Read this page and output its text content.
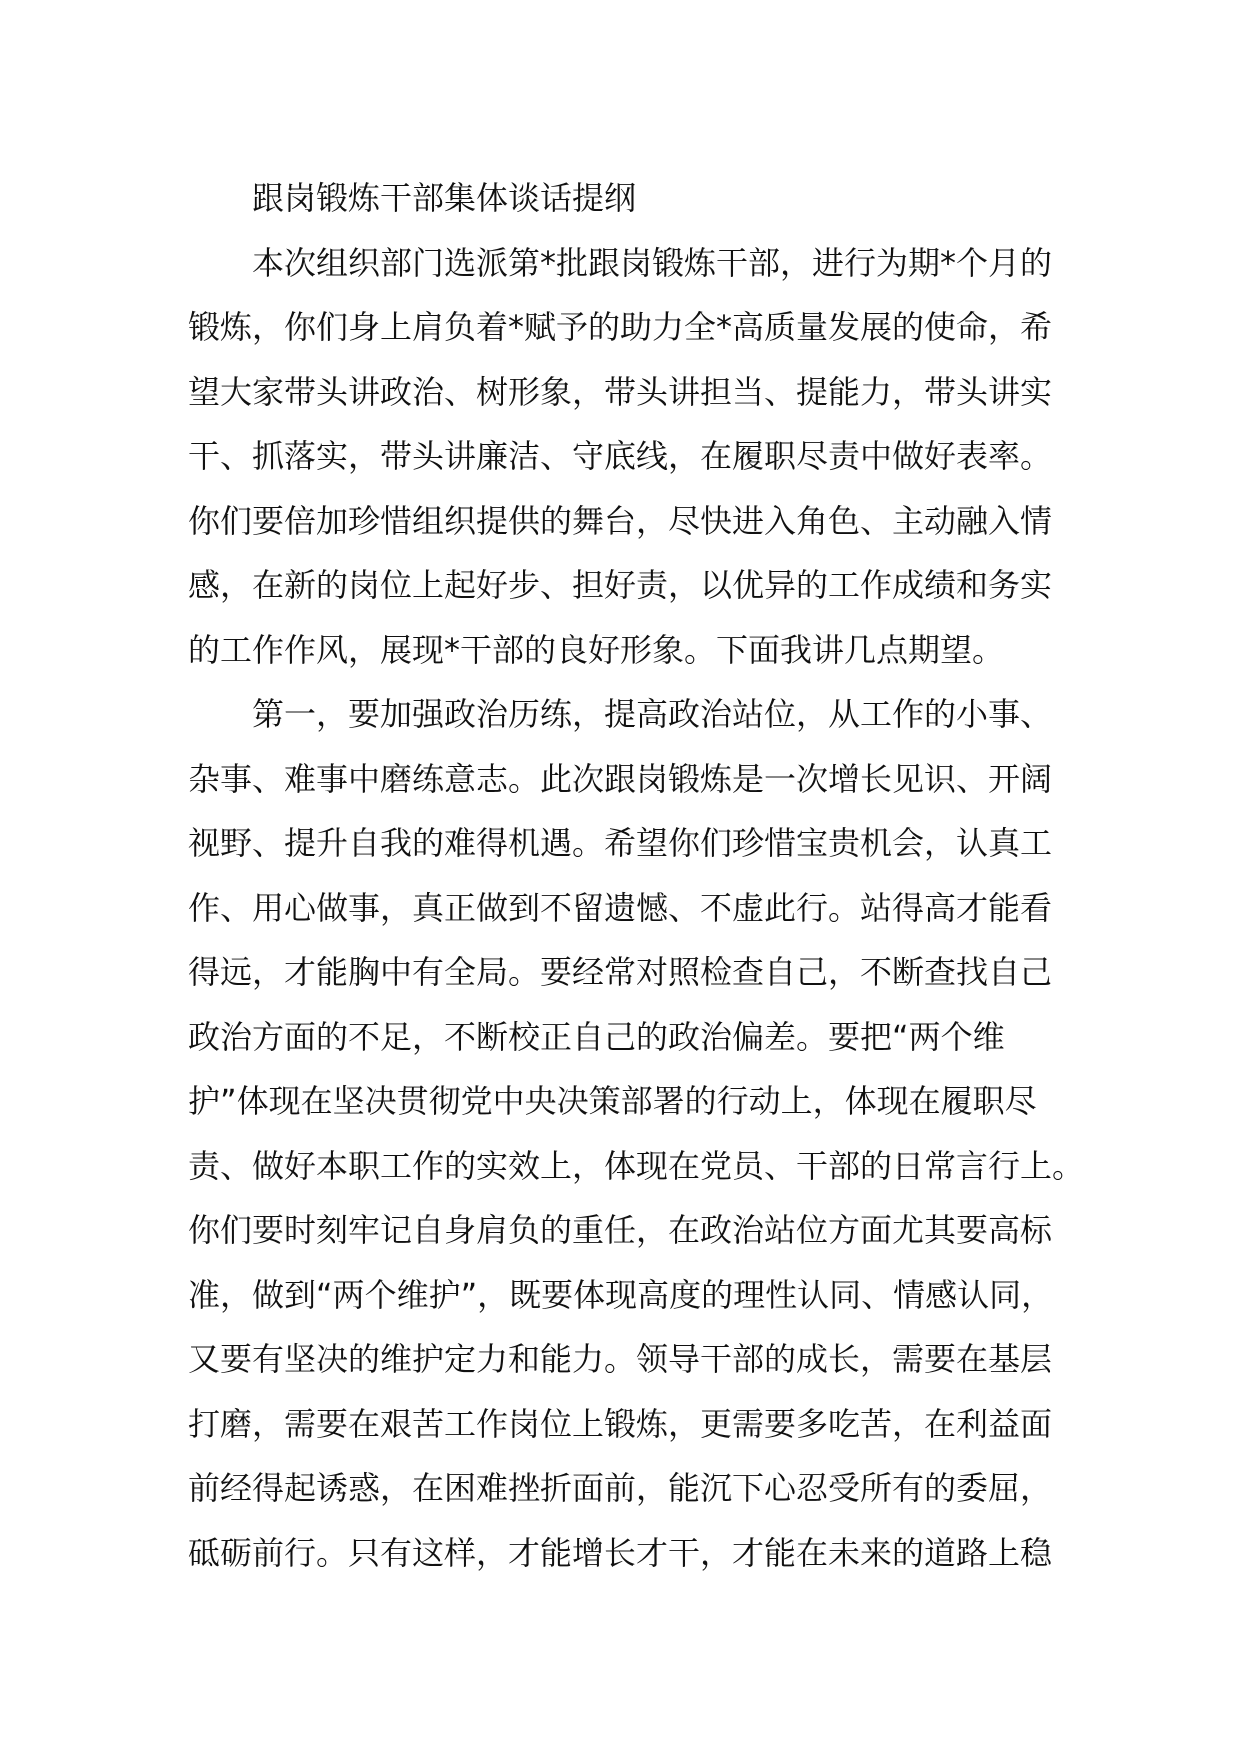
跟岗锻炼干部集体谈话提纲
本次组织部门选派第*批跟岗锻炼干部，进行为期*个月的
锻炼，你们身上肩负着*赋予的助力全*高质量发展的使命，希
望大家带头讲政治、树形象，带头讲担当、提能力，带头讲实
干、抓落实，带头讲廉洁、守底线，在履职尽责中做好表率。
你们要倍加珍惜组织提供的舞台，尽快进入角色、主动融入情
感，在新的岗位上起好步、担好责，以优异的工作成绩和务实
的工作作风，展现*干部的良好形象。下面我讲几点期望。
第一，要加强政治历练，提高政治站位，从工作的小事、
杂事、难事中磨练意志。此次跟岗锻炼是一次增长见识、开阔
视野、提升自我的难得机遇。希望你们珍惜宝贵机会，认真工
作、用心做事，真正做到不留遗憾、不虚此行。站得高才能看
得远，才能胸中有全局。要经常对照检查自己，不断查找自己
政治方面的不足，不断校正自己的政治偏差。要把“两个维
护”体现在坚决贯彻党中央决策部署的行动上，体现在履职尽
责、做好本职工作的实效上，体现在党员、干部的日常言行上。
你们要时刻牢记自身肩负的重任，在政治站位方面尤其要高标
准，做到“两个维护”，既要体现高度的理性认同、情感认同，
又要有坚决的维护定力和能力。领导干部的成长，需要在基层
打磨，需要在艰苦工作岗位上锻炼，更需要多吃苦，在利益面
前经得起诱惑，在困难挫折面前，能沉下心忍受所有的委屈，
砥砺前行。只有这样，才能增长才干，才能在未来的道路上稳
